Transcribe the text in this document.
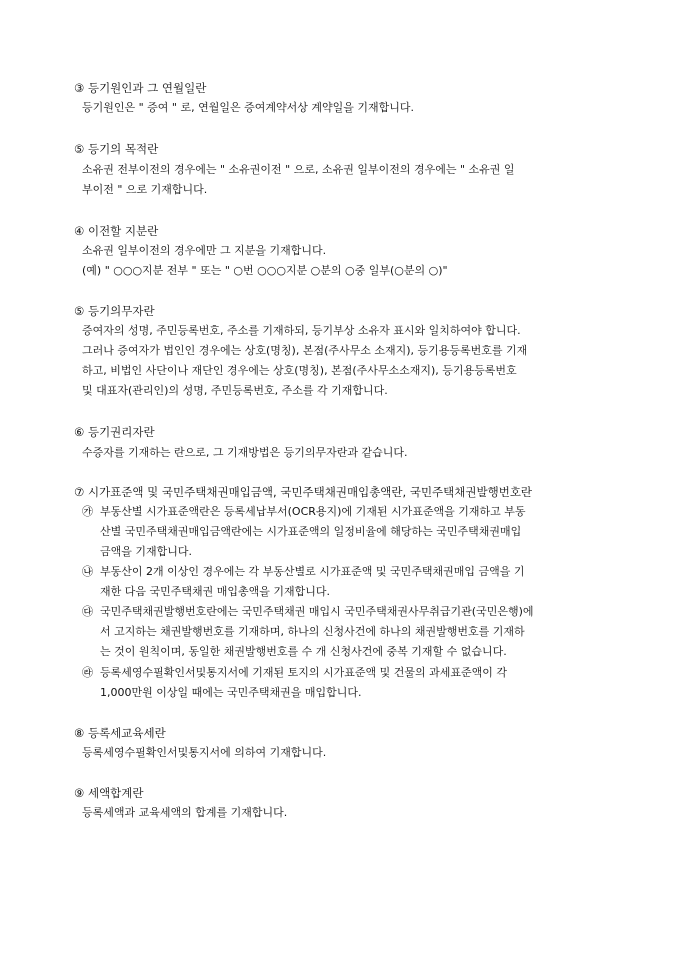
③ 등기원인과 그 연월일란
등기원인은 " 증여 " 로, 연월일은 증여계약서상 계약일을 기재합니다.
⑤ 등기의 목적란
소유권 전부이전의 경우에는 " 소유권이전 " 으로, 소유권 일부이전의 경우에는 " 소유권 일
부이전 " 으로 기재합니다.
④ 이전할 지분란
소유권 일부이전의 경우에만 그 지분을 기재합니다.
(예) " ○○○지분 전부 " 또는 " ○번 ○○○지분 ○분의 ○중 일부(○분의 ○)"
⑤ 등기의무자란
증여자의 성명, 주민등록번호, 주소를 기재하되, 등기부상 소유자 표시와 일치하여야 합니다.
그러나 증여자가 법인인 경우에는 상호(명칭), 본점(주사무소 소재지), 등기용등록번호를 기재
하고, 비법인 사단이나 재단인 경우에는 상호(명칭), 본점(주사무소소재지), 등기용등록번호
및 대표자(관리인)의 성명, 주민등록번호, 주소를 각 기재합니다.
⑥ 등기권리자란
수증자를 기재하는 란으로, 그 기재방법은 등기의무자란과 같습니다.
⑦ 시가표준액 및 국민주택채권매입금액, 국민주택채권매입총액란, 국민주택채권발행번호란
㉮ 부동산별 시가표준액란은 등록세납부서(OCR용지)에 기재된 시가표준액을 기재하고 부동
산별 국민주택채권매입금액란에는 시가표준액의 일정비율에 해당하는 국민주택채권매입
금액을 기재합니다.
㉯ 부동산이 2개 이상인 경우에는 각 부동산별로 시가표준액 및 국민주택채권매입 금액을 기
재한 다음 국민주택채권 매입총액을 기재합니다.
㉰ 국민주택채권발행번호란에는 국민주택채권 매입시 국민주택채권사무취급기관(국민은행)에
서 고지하는 채권발행번호를 기재하며, 하나의 신청사건에 하나의 채권발행번호를 기재하
는 것이 원칙이며, 동일한 채권발행번호를 수 개 신청사건에 중복 기재할 수 없습니다.
㉱ 등록세영수필확인서및통지서에 기재된 토지의 시가표준액 및 건물의 과세표준액이 각
1,000만원 이상일 때에는 국민주택채권을 매입합니다.
⑧ 등록세교육세란
등록세영수필확인서및통지서에 의하여 기재합니다.
⑨ 세액합계란
등록세액과 교육세액의 합계를 기재합니다.
